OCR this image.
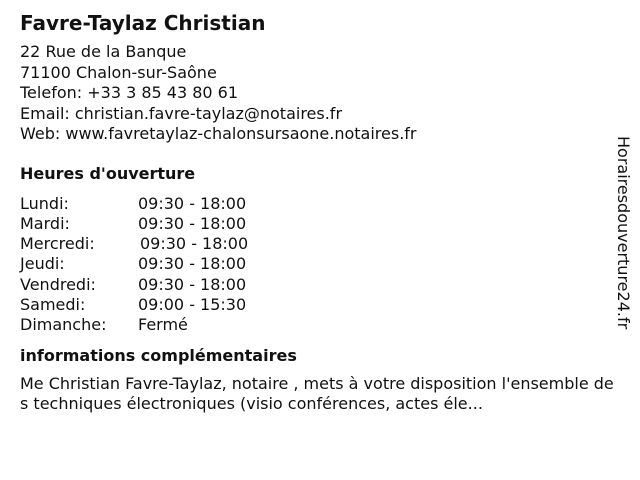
Favre-Taylaz Christian
22 Rue de la Banque
71100 Chalon-sur-Saône
Telefon: +33 3 85 43 80 61
Email: christian.favre-taylaz@notaires.fr
Web: www.favretaylaz-chalonsursaone.notaires.fr
Heures d'ouverture
Lundi:	09:30 - 18:00
Mardi:	09:30 - 18:00
Mercredi:	09:30 - 18:00
Jeudi:	09:30 - 18:00
Vendredi:	09:30 - 18:00
Samedi:	09:00 - 15:30
Dimanche: Fermé
informations complémentaires
Me Christian Favre-Taylaz, notaire , mets à votre disposition l'ensemble des techniques électroniques (visio conférences, actes éle...
Horairesdouverture24.fr
